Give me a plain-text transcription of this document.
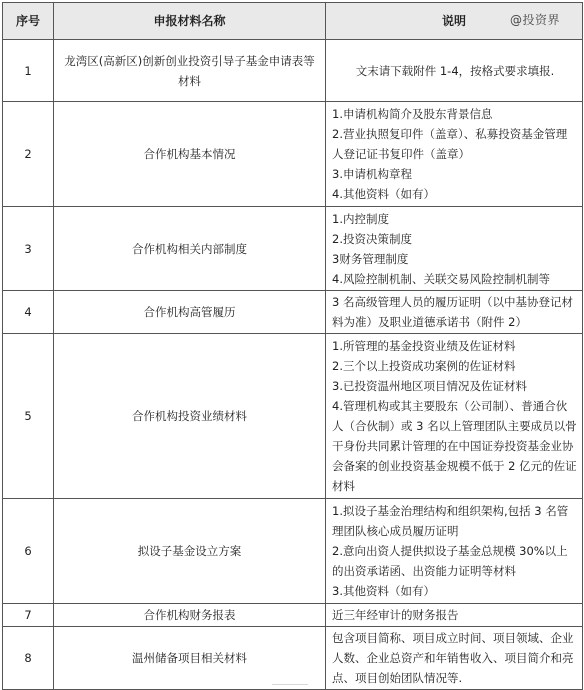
序号	申报材料名称	说明
1	龙湾区(高新区)创新创业投资引导子基金申请表等材料	文末请下载附件 1-4，按格式要求填报.

2	合作机构基本情况	1.申请机构简介及股东背景信息
2.营业执照复印件（盖章）、私募投资基金管理人登记证书复印件（盖章）
3.申请机构章程
4.其他资料（如有）

3	合作机构相关内部制度	1.内控制度
2.投资决策制度
3财务管理制度
4.风险控制机制、关联交易风险控制机制等

4	合作机构高管履历	3 名高级管理人员的履历证明（以中基协登记材料为准）及职业道德承诺书（附件 2）

5	合作机构投资业绩材料	1.所管理的基金投资业绩及佐证材料
2.三个以上投资成功案例的佐证材料
3.已投资温州地区项目情况及佐证材料
4.管理机构或其主要股东（公司制）、普通合伙人（合伙制）或 3 名以上管理团队主要成员以骨干身份共同累计管理的在中国证券投资基金业协会备案的创业投资基金规模不低于 2 亿元的佐证材料

6	拟设子基金设立方案	1.拟设子基金治理结构和组织架构,包括 3 名管理团队核心成员履历证明
2.意向出资人提供拟设子基金总规模 30%以上的出资承诺函、出资能力证明等材料
3.其他资料（如有）

7	合作机构财务报表	近三年经审计的财务报告

8	温州储备项目相关材料	包含项目简称、项目成立时间、项目领域、企业人数、企业总资产和年销售收入、项目简介和亮点、项目创始团队情况等.
@投资界
